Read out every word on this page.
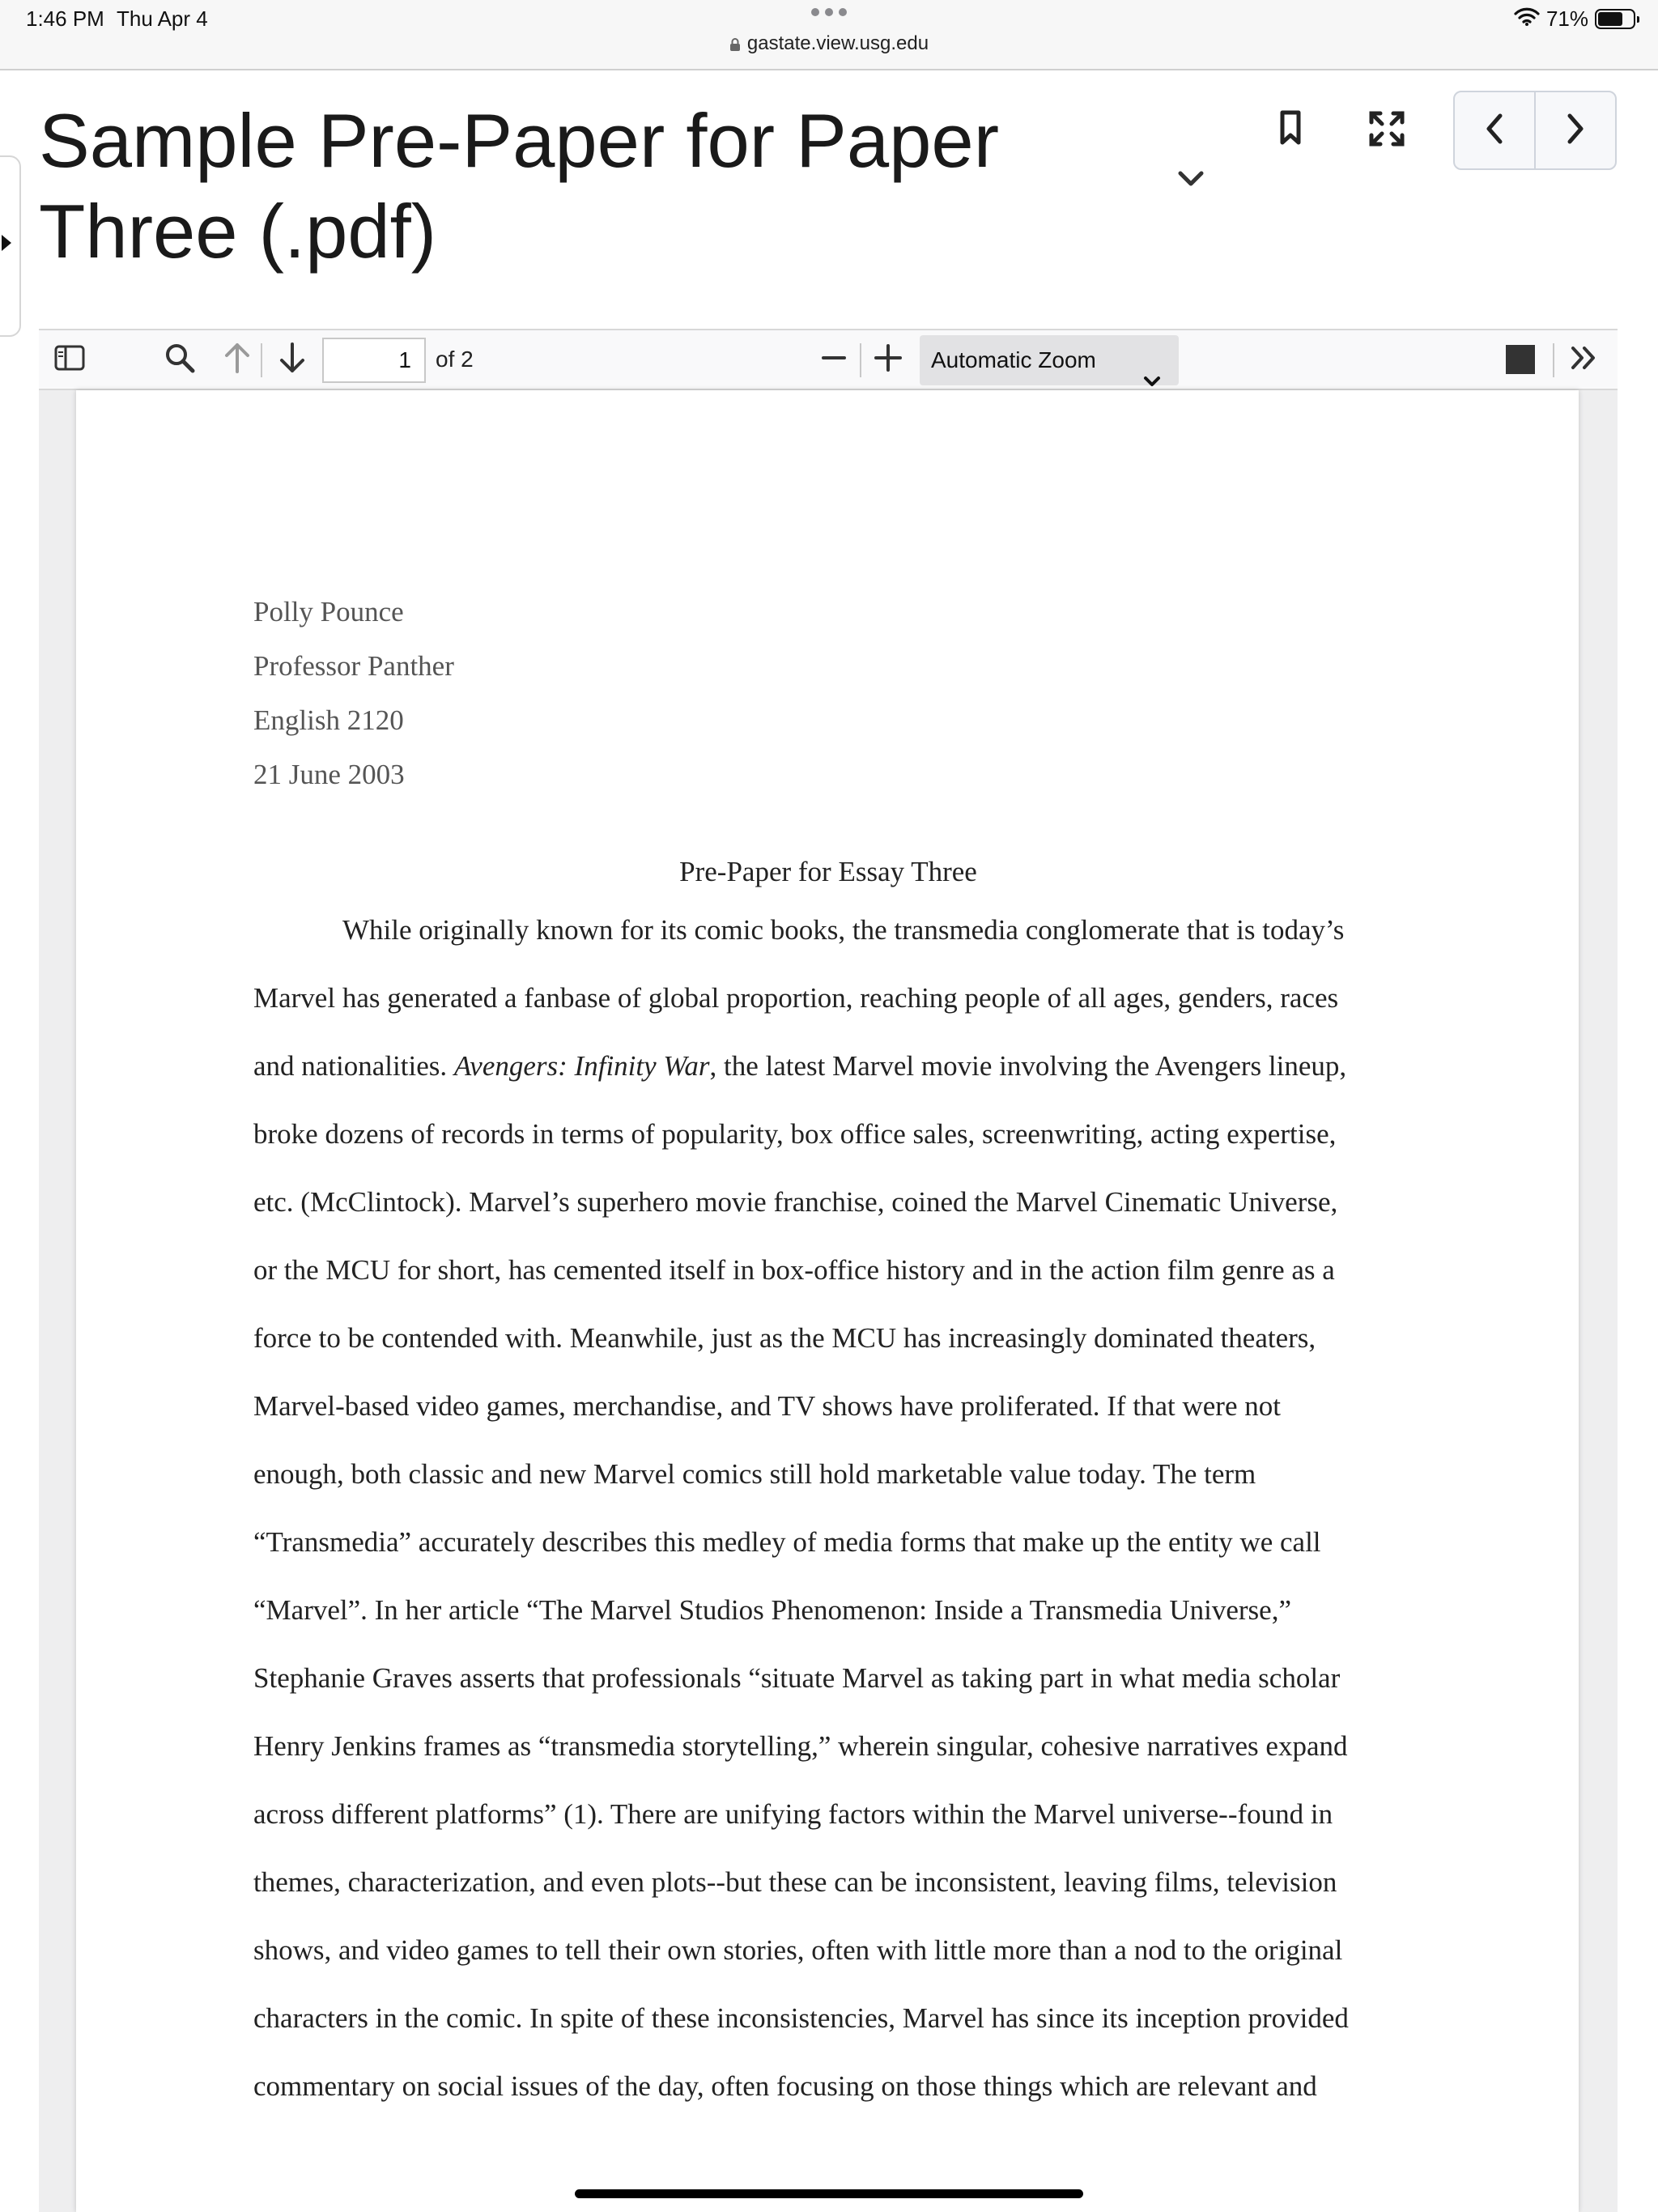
1:46 PM Thu Apr 4
gastate.view.usg.edu
71%
Sample Pre-Paper for Paper
Three (.pdf)
1	of 2	Automatic Zoom
Polly Pounce
Professor Panther
English 2120
21 June 2003
Pre-Paper for Essay Three
While originally known for its comic books, the transmedia conglomerate that is today’s
Marvel has generated a fanbase of global proportion, reaching people of all ages, genders, races
and nationalities. Avengers: Infinity War, the latest Marvel movie involving the Avengers lineup,
broke dozens of records in terms of popularity, box office sales, screenwriting, acting expertise,
etc. (McClintock). Marvel’s superhero movie franchise, coined the Marvel Cinematic Universe,
or the MCU for short, has cemented itself in box-office history and in the action film genre as a
force to be contended with. Meanwhile, just as the MCU has increasingly dominated theaters,
Marvel-based video games, merchandise, and TV shows have proliferated. If that were not
enough, both classic and new Marvel comics still hold marketable value today. The term
“Transmedia” accurately describes this medley of media forms that make up the entity we call
“Marvel”. In her article “The Marvel Studios Phenomenon: Inside a Transmedia Universe,”
Stephanie Graves asserts that professionals “situate Marvel as taking part in what media scholar
Henry Jenkins frames as “transmedia storytelling,” wherein singular, cohesive narratives expand
across different platforms” (1). There are unifying factors within the Marvel universe--found in
themes, characterization, and even plots--but these can be inconsistent, leaving films, television
shows, and video games to tell their own stories, often with little more than a nod to the original
characters in the comic. In spite of these inconsistencies, Marvel has since its inception provided
commentary on social issues of the day, often focusing on those things which are relevant and
